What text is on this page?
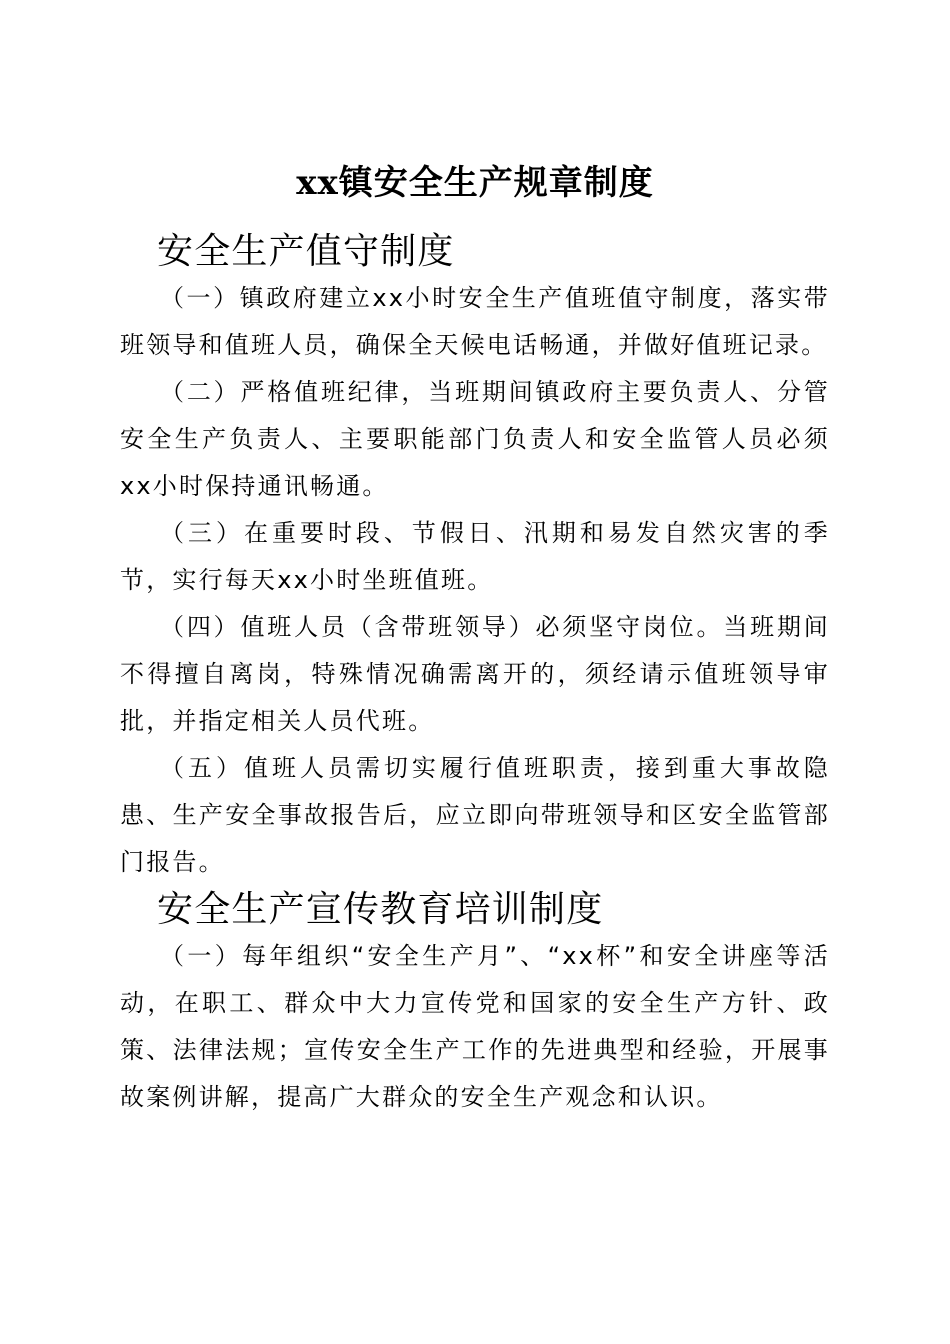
xx镇安全生产规章制度
安全生产值守制度

（一）镇政府建立xx小时安全生产值班值守制度，落实带班领导和值班人员，确保全天候电话畅通，并做好值班记录。

（二）严格值班纪律，当班期间镇政府主要负责人、分管安全生产负责人、主要职能部门负责人和安全监管人员必须xx小时保持通讯畅通。

（三）在重要时段、节假日、汛期和易发自然灾害的季节，实行每天xx小时坐班值班。

（四）值班人员（含带班领导）必须坚守岗位。当班期间不得擅自离岗，特殊情况确需离开的，须经请示值班领导审批，并指定相关人员代班。

（五）值班人员需切实履行值班职责，接到重大事故隐患、生产安全事故报告后，应立即向带班领导和区安全监管部门报告。

安全生产宣传教育培训制度

（一）每年组织“安全生产月”、“xx杯”和安全讲座等活动，在职工、群众中大力宣传党和国家的安全生产方针、政策、法律法规；宣传安全生产工作的先进典型和经验，开展事故案例讲解，提高广大群众的安全生产观念和认识。
